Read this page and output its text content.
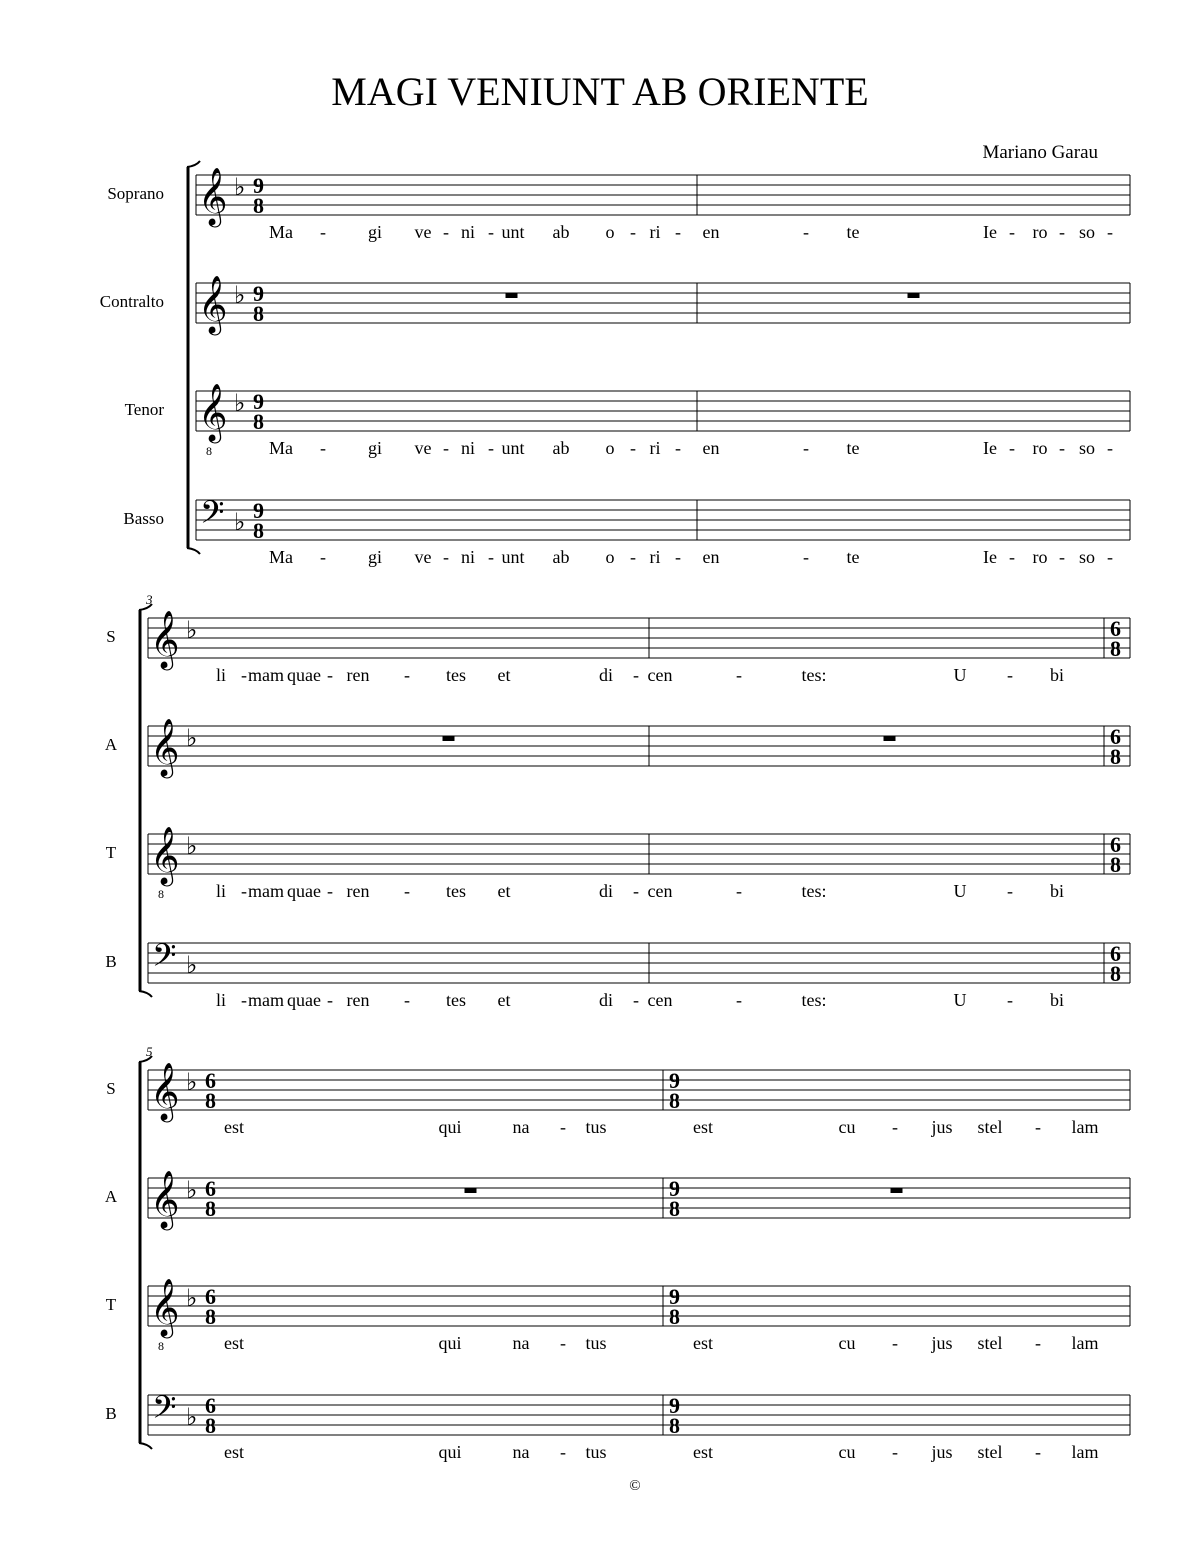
MAGI VENIUNT AB ORIENTE
Mariano Garau
Soprano 𝄞 ♭ 9
8
Ma - gi ve - ni - unt ab o - ri - en	- te	Ie - ro - so -
Contralto 𝄞 ♭ 9
8
Tenor 𝄞
8
♭ 9
8
Ma - gi ve - ni - unt ab o - ri - en	- te	Ie - ro - so -
Basso 𝄢 ♭ 9
8
Ma - gi ve - ni - unt ab o - ri - en	- te	Ie - ro - so -
3
S 𝄞 ♭	6
8
li - mam quae - ren - tes et	di - cen	-	tes:	U - bi
A 𝄞 ♭	6
8
T 𝄞
8
♭	6
8
li - mam quae - ren - tes et	di - cen	-	tes:	U - bi
B 𝄢 ♭	6
8
li - mam quae - ren - tes et	di - cen	-	tes:	U - bi
5
S 𝄞 ♭ 6
8
9
8
est	qui	na - tus	est	cu - jus stel - lam
A 𝄞 ♭ 6
8
9
8
T 𝄞
8
♭ 6
8
9
8
est	qui	na - tus	est	cu - jus stel - lam
B 𝄢 ♭ 6
8
9
8
est	qui	na - tus	est	cu - jus stel - lam
©
